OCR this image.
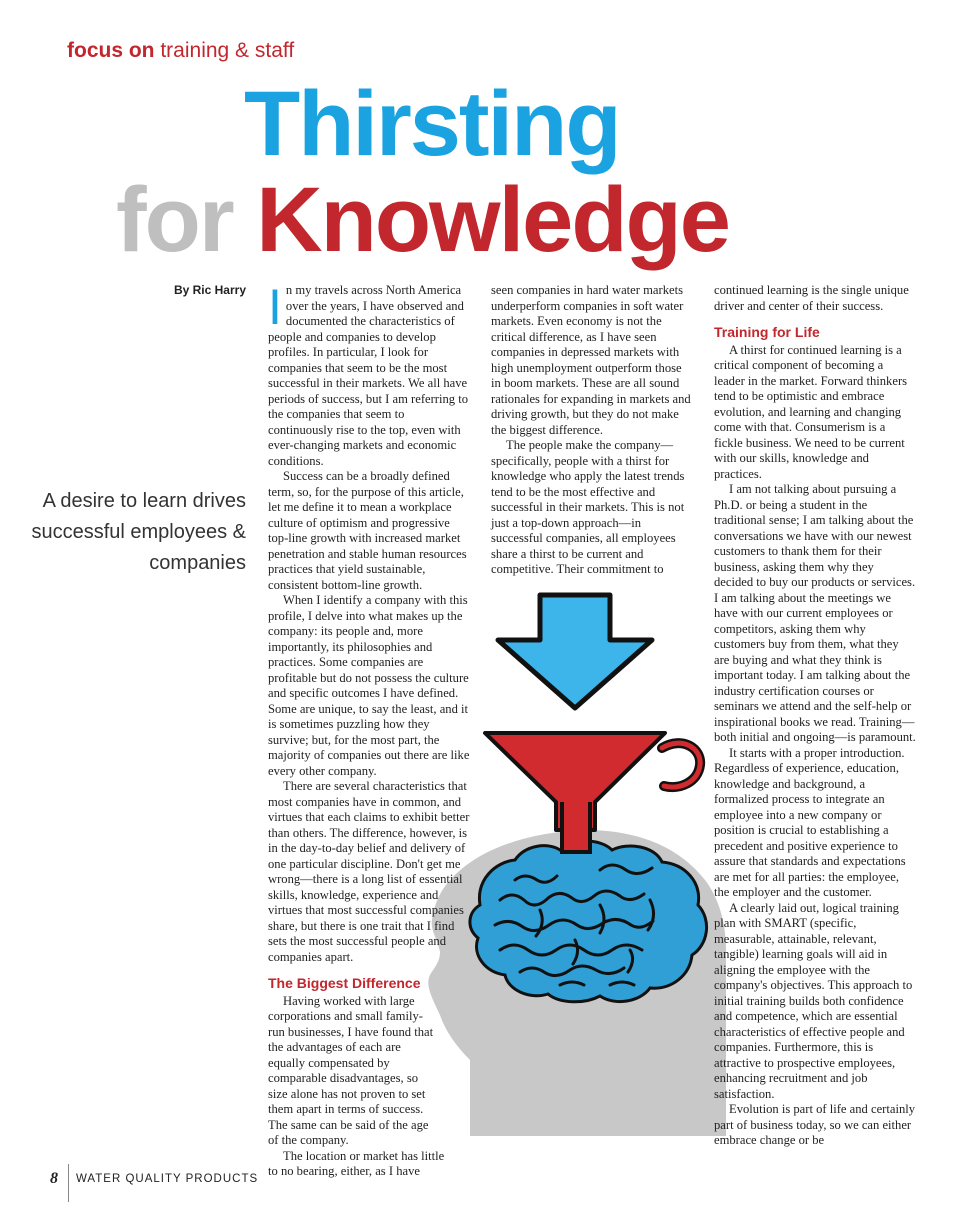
focus on training & staff
Thirsting
for Knowledge
By Ric Harry
A desire to learn drives successful employees & companies

In my travels across North America over the years, I have observed and documented the characteristics of people and companies to develop profiles. In particular, I look for companies that seem to be the most successful in their markets. We all have periods of success, but I am referring to the companies that seem to continuously rise to the top, even with ever-changing markets and economic conditions.

Success can be a broadly defined term, so, for the purpose of this article, let me define it to mean a workplace culture of optimism and progressive top-line growth with increased market penetration and stable human resources practices that yield sustainable, consistent bottom-line growth.

When I identify a company with this profile, I delve into what makes up the company: its people and, more importantly, its philosophies and practices. Some companies are profitable but do not possess the culture and specific outcomes I have defined. Some are unique, to say the least, and it is sometimes puzzling how they survive; but, for the most part, the majority of companies out there are like every other company.

There are several characteristics that most companies have in common, and virtues that each claims to exhibit better than others. The difference, however, is in the day-to-day belief and delivery of one particular discipline. Don't get me wrong—there is a long list of essential skills, knowledge, experience and virtues that most successful companies share, but there is one trait that I find sets the most successful people and companies apart.

The Biggest Difference

Having worked with large corporations and small family-run businesses, I have found that the advantages of each are equally compensated by comparable disadvantages, so size alone has not proven to set them apart in terms of success. The same can be said of the age of the company.

The location or market has little to no bearing, either, as I have

seen companies in hard water markets underperform companies in soft water markets. Even economy is not the critical difference, as I have seen companies in depressed markets with high unemployment outperform those in boom markets. These are all sound rationales for expanding in markets and driving growth, but they do not make the biggest difference.

The people make the company—specifically, people with a thirst for knowledge who apply the latest trends tend to be the most effective and successful in their markets. This is not just a top-down approach—in successful companies, all employees share a thirst to be current and competitive. Their commitment to

continued learning is the single unique driver and center of their success.

Training for Life

A thirst for continued learning is a critical component of becoming a leader in the market. Forward thinkers tend to be optimistic and embrace evolution, and learning and changing come with that. Consumerism is a fickle business. We need to be current with our skills, knowledge and practices.

I am not talking about pursuing a Ph.D. or being a student in the traditional sense; I am talking about the conversations we have with our newest customers to thank them for their business, asking them why they decided to buy our products or services. I am talking about the meetings we have with our current employees or competitors, asking them why customers buy from them, what they are buying and what they think is important today. I am talking about the industry certification courses or seminars we attend and the self-help or inspirational books we read. Training—both initial and ongoing—is paramount.

It starts with a proper introduction. Regardless of experience, education, knowledge and background, a formalized process to integrate an employee into a new company or position is crucial to establishing a precedent and positive experience to assure that standards and expectations are met for all parties: the employee, the employer and the customer.

A clearly laid out, logical training plan with SMART (specific, measurable, attainable, relevant, tangible) learning goals will aid in aligning the employee with the company's objectives. This approach to initial training builds both confidence and competence, which are essential characteristics of effective people and companies. Furthermore, this is attractive to prospective employees, enhancing recruitment and job satisfaction.

Evolution is part of life and certainly part of business today, so we can either embrace change or be

8 WATER QUALITY PRODUCTS
